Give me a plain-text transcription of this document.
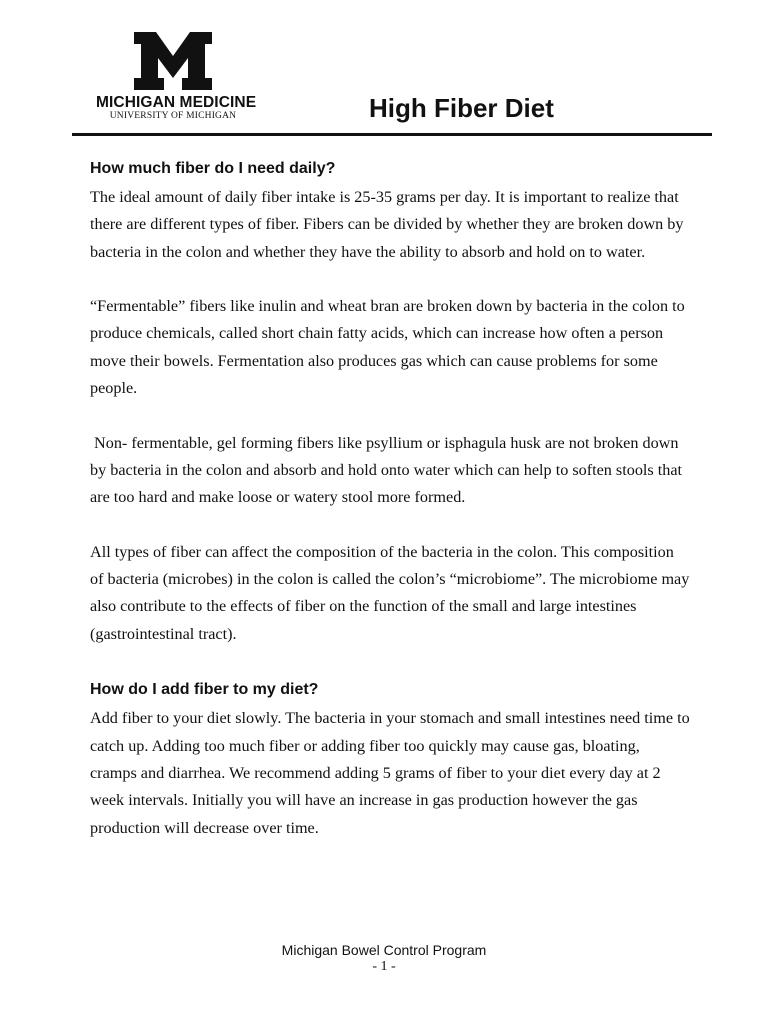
MICHIGAN MEDICINE
UNIVERSITY OF MICHIGAN	High Fiber Diet
How much fiber do I need daily?

The ideal amount of daily fiber intake is 25-35 grams per day. It is important to realize that there are different types of fiber. Fibers can be divided by whether they are broken down by bacteria in the colon and whether they have the ability to absorb and hold on to water.

“Fermentable” fibers like inulin and wheat bran are broken down by bacteria in the colon to produce chemicals, called short chain fatty acids, which can increase how often a person move their bowels. Fermentation also produces gas which can cause problems for some people.

Non- fermentable, gel forming fibers like psyllium or isphagula husk are not broken down by bacteria in the colon and absorb and hold onto water which can help to soften stools that are too hard and make loose or watery stool more formed.

All types of fiber can affect the composition of the bacteria in the colon. This composition of bacteria (microbes) in the colon is called the colon’s “microbiome”. The microbiome may also contribute to the effects of fiber on the function of the small and large intestines (gastrointestinal tract).

How do I add fiber to my diet?

Add fiber to your diet slowly. The bacteria in your stomach and small intestines need time to catch up. Adding too much fiber or adding fiber too quickly may cause gas, bloating, cramps and diarrhea. We recommend adding 5 grams of fiber to your diet every day at 2 week intervals. Initially you will have an increase in gas production however the gas production will decrease over time.

Michigan Bowel Control Program
- 1 -
